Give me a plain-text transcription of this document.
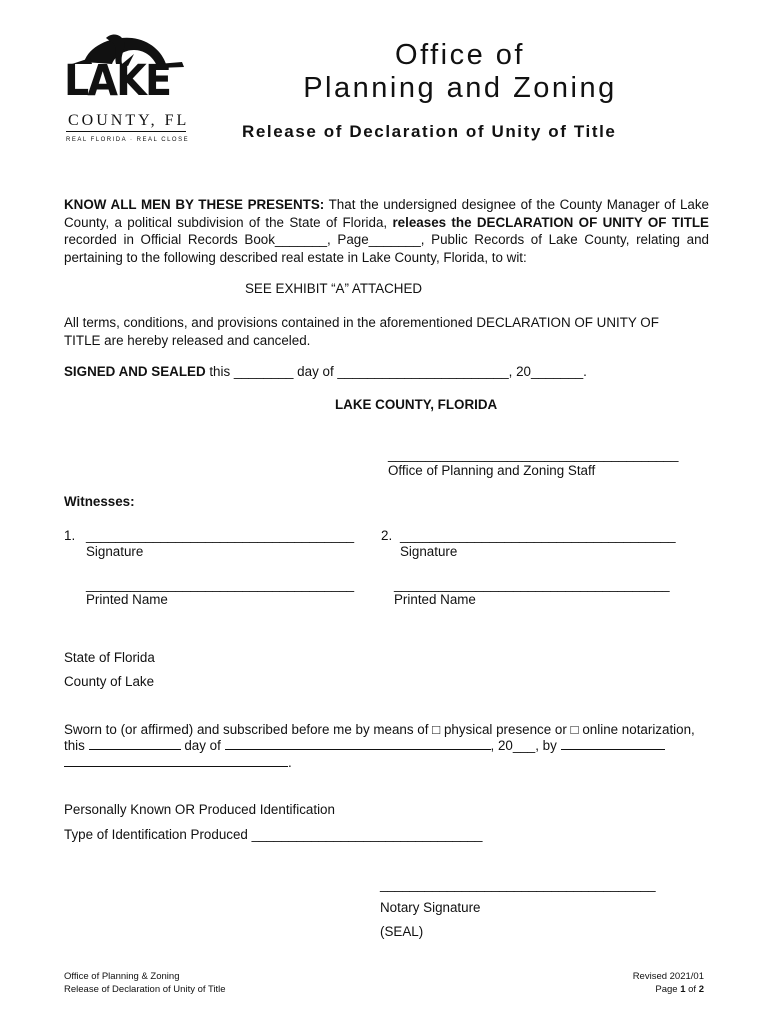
LAKE
COUNTY, FL
REAL FLORIDA · REAL CLOSE
Office of
Planning and Zoning
Release of Declaration of Unity of Title
KNOW ALL MEN BY THESE PRESENTS: That the undersigned designee of the County Manager of Lake County, a political subdivision of the State of Florida, releases the DECLARATION OF UNITY OF TITLE recorded in Official Records Book_______, Page_______, Public Records of Lake County, relating and pertaining to the following described real estate in Lake County, Florida, to wit:
SEE EXHIBIT “A” ATTACHED
All terms, conditions, and provisions contained in the aforementioned DECLARATION OF UNITY OF TITLE are hereby released and canceled.
SIGNED AND SEALED this ________ day of _______________________, 20_______.
LAKE COUNTY, FLORIDA
_______________________________________
Office of Planning and Zoning Staff
Witnesses:
1. ____________________________________
Signature
____________________________________
Printed Name
2. _____________________________________
Signature
_____________________________________
Printed Name
State of Florida
County of Lake
Sworn to (or affirmed) and subscribed before me by means of □ physical presence or □ online notarization,
this	day of	, 20___, by
.
Personally Known OR Produced Identification
Type of Identification Produced _______________________________
_____________________________________
Notary Signature
(SEAL)
Office of Planning & Zoning
Release of Declaration of Unity of Title
Revised 2021/01
Page 1 of 2
